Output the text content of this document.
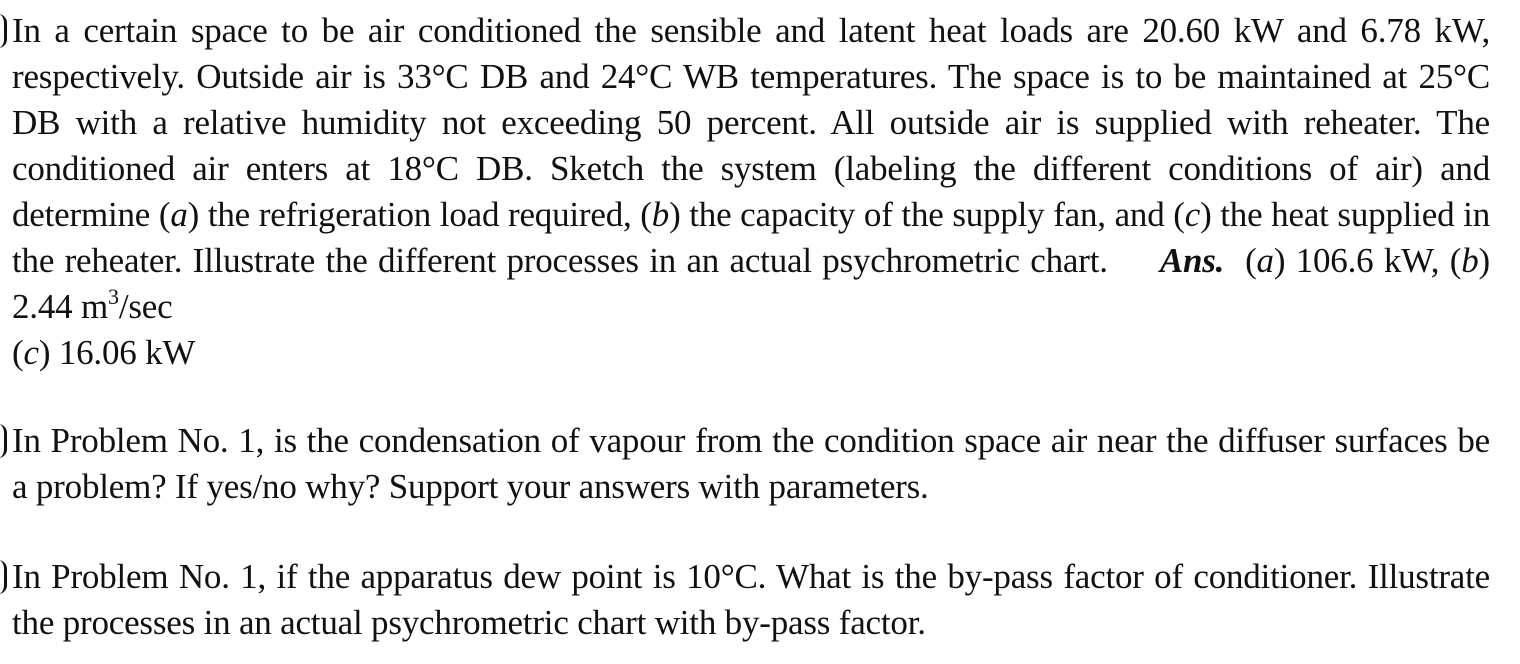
In a certain space to be air conditioned the sensible and latent heat loads are 20.60 kW and 6.78 kW, respectively. Outside air is 33°C DB and 24°C WB temperatures. The space is to be maintained at 25°C DB with a relative humidity not exceeding 50 percent. All outside air is supplied with reheater. The conditioned air enters at 18°C DB. Sketch the system (labeling the different conditions of air) and determine (a) the refrigeration load required, (b) the capacity of the supply fan, and (c) the heat supplied in the reheater. Illustrate the different processes in an actual psychrometric chart. Ans. (a) 106.6 kW, (b) 2.44 $m^3/\sec$
(c) 16.06 kW

In Problem No. 1, is the condensation of vapour from the condition space air near the diffuser surfaces be a problem? If yes/no why? Support your answers with parameters.

In Problem No. 1, if the apparatus dew point is 10°C. What is the by-pass factor of conditioner. Illustrate the processes in an actual psychrometric chart with by-pass factor.
